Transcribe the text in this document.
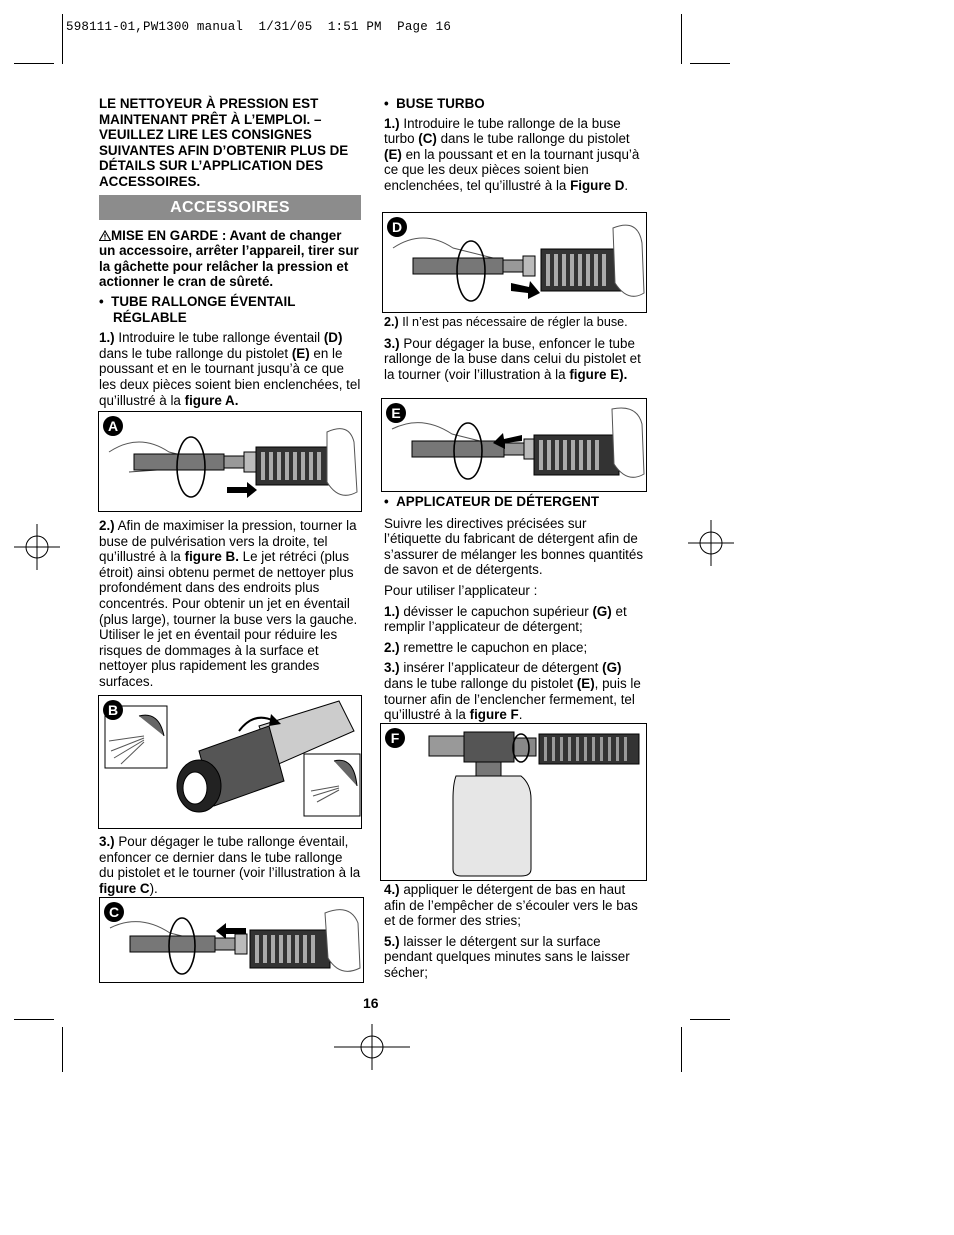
598111-01,PW1300 manual  1/31/05  1:51 PM  Page 16

LE NETTOYEUR À PRESSION EST MAINTENANT PRÊT À L’EMPLOI. – VEUILLEZ LIRE LES CONSIGNES SUIVANTES AFIN D’OBTENIR PLUS DE DÉTAILS SUR L’APPLICATION DES ACCESSOIRES.

ACCESSOIRES

MISE EN GARDE : Avant de changer un accessoire, arrêter l’appareil, tirer sur la gâchette pour relâcher la pression et actionner le cran de sûreté.

•  TUBE RALLONGE ÉVENTAIL RÉGLABLE

1.) Introduire le tube rallonge éventail (D) dans le tube rallonge du pistolet (E) en le poussant et en le tournant jusqu’à ce que les deux pièces soient bien enclenchées, tel qu’illustré à la figure A.

A

2.) Afin de maximiser la pression, tourner la buse de pulvérisation vers la droite, tel qu’illustré à la figure B. Le jet rétréci (plus étroit) ainsi obtenu permet de nettoyer plus profondément dans des endroits plus concentrés. Pour obtenir un jet en éventail (plus large), tourner la buse vers la gauche. Utiliser le jet en éventail pour réduire les risques de dommages à la surface et nettoyer plus rapidement les grandes surfaces.

B

3.) Pour dégager le tube rallonge éventail, enfoncer ce dernier dans le tube rallonge du pistolet et le tourner (voir l’illustration à la figure C).

C

•  BUSE TURBO

1.) Introduire le tube rallonge de la buse turbo (C) dans le tube rallonge du pistolet (E) en la poussant et en la tournant jusqu’à ce que les deux pièces soient bien enclenchées, tel qu’illustré à la Figure D.

D

2.) Il n’est pas nécessaire de régler la buse.

3.) Pour dégager la buse, enfoncer le tube rallonge de la buse dans celui du pistolet et la tourner (voir l’illustration à la figure E).

E

•  APPLICATEUR DE DÉTERGENT

Suivre les directives précisées sur l’étiquette du fabricant de détergent afin de s’assurer de mélanger les bonnes quantités de savon et de détergents.

Pour utiliser l’applicateur :

1.) dévisser le capuchon supérieur (G) et remplir l’applicateur de détergent;

2.) remettre le capuchon en place;

3.) insérer l’applicateur de détergent (G) dans le tube rallonge du pistolet (E), puis le tourner afin de l’enclencher fermement, tel qu’illustré à la figure F.

F

4.) appliquer le détergent de bas en haut afin de l’empêcher de s’écouler vers le bas et de former des stries;

5.) laisser le détergent sur la surface pendant quelques minutes sans le laisser sécher;

16
